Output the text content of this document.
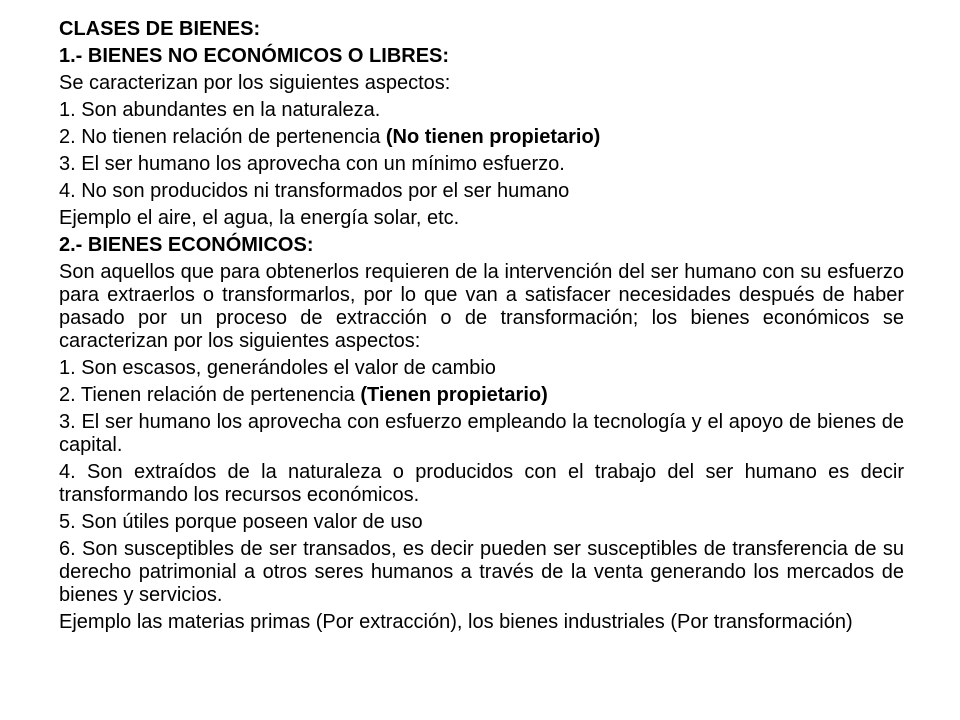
CLASES DE BIENES:
1.- BIENES NO ECONÓMICOS O LIBRES:
Se caracterizan por los siguientes aspectos:
1. Son abundantes en la naturaleza.
2. No tienen relación de pertenencia (No tienen propietario)
3. El ser humano los aprovecha con un mínimo esfuerzo.
4. No son producidos ni transformados por el ser humano
Ejemplo el aire, el agua, la energía solar, etc.
2.- BIENES ECONÓMICOS:
Son aquellos que para obtenerlos requieren de la intervención del ser humano con su esfuerzo para extraerlos o transformarlos, por lo que van a satisfacer necesidades después de haber pasado por un proceso de extracción o de transformación; los bienes económicos se caracterizan por los siguientes aspectos:
1. Son escasos, generándoles el valor de cambio
2. Tienen relación de pertenencia (Tienen propietario)
3. El ser humano los aprovecha con esfuerzo empleando la tecnología y el apoyo de bienes de capital.
4. Son extraídos de la naturaleza o producidos con el trabajo del ser humano es decir transformando los recursos económicos.
5. Son útiles porque poseen valor de uso
6. Son susceptibles de ser transados, es decir pueden ser susceptibles de transferencia de su derecho patrimonial a otros seres humanos a través de la venta generando los mercados de bienes y servicios.
Ejemplo las materias primas (Por extracción), los bienes industriales (Por transformación)
